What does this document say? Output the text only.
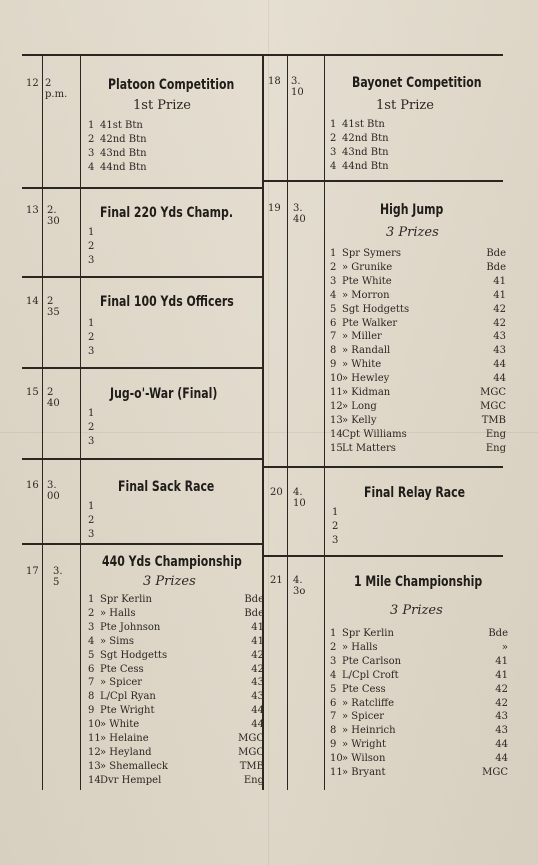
12 2 p.m.
Platoon Competition
1st Prize
1 41st Btn
2 42nd Btn
3 43nd Btn
4 44nd Btn
13 2. 30
Final 220 Yds Champ.
1
2
3
14 2 35
Final 100 Yds Officers
1
2
3
15 2 40
Jug-o'-War (Final)
1
2
3
16 3. 00
Final Sack Race
1
2
3
17 3. 5
440 Yds Championship
3 Prizes
1 Spr Kerlin	Bde
2 » Halls	Bde
3 Pte Johnson	41
4 » Sims	41
5 Sgt Hodgetts	42
6 Pte Cess	42
7 » Spicer	43
8 L/Cpl Ryan	43
9 Pte Wright	44
10 » White	44
11 » Helaine	MGC
12 » Heyland	MGC
13 » Shemalleck	TMB
14 Dvr Hempel	Eng
18 3. 10
Bayonet Competition
1st Prize
1 41st Btn
2 42nd Btn
3 43nd Btn
4 44nd Btn
19 3. 40
High Jump
3 Prizes
1 Spr Symers	Bde
2 » Grunike	Bde
3 Pte White	41
4 » Morron	41
5 Sgt Hodgetts	42
6 Pte Walker	42
7 » Miller	43
8 » Randall	43
9 » White	44
10 » Hewley	44
11 » Kidman	MGC
12 » Long	MGC
13 » Kelly	TMB
14 Cpt Williams	Eng
15 Lt Matters	Eng
20 4. 10
Final Relay Race
1
2
3
21 4. 3o
1 Mile Championship
3 Prizes
1 Spr Kerlin	Bde
2 » Halls	»
3 Pte Carlson	41
4 L/Cpl Croft	41
5 Pte Cess	42
6 » Ratcliffe	42
7 » Spicer	43
8 » Heinrich	43
9 » Wright	44
10 » Wilson	44
11 » Bryant	MGC
